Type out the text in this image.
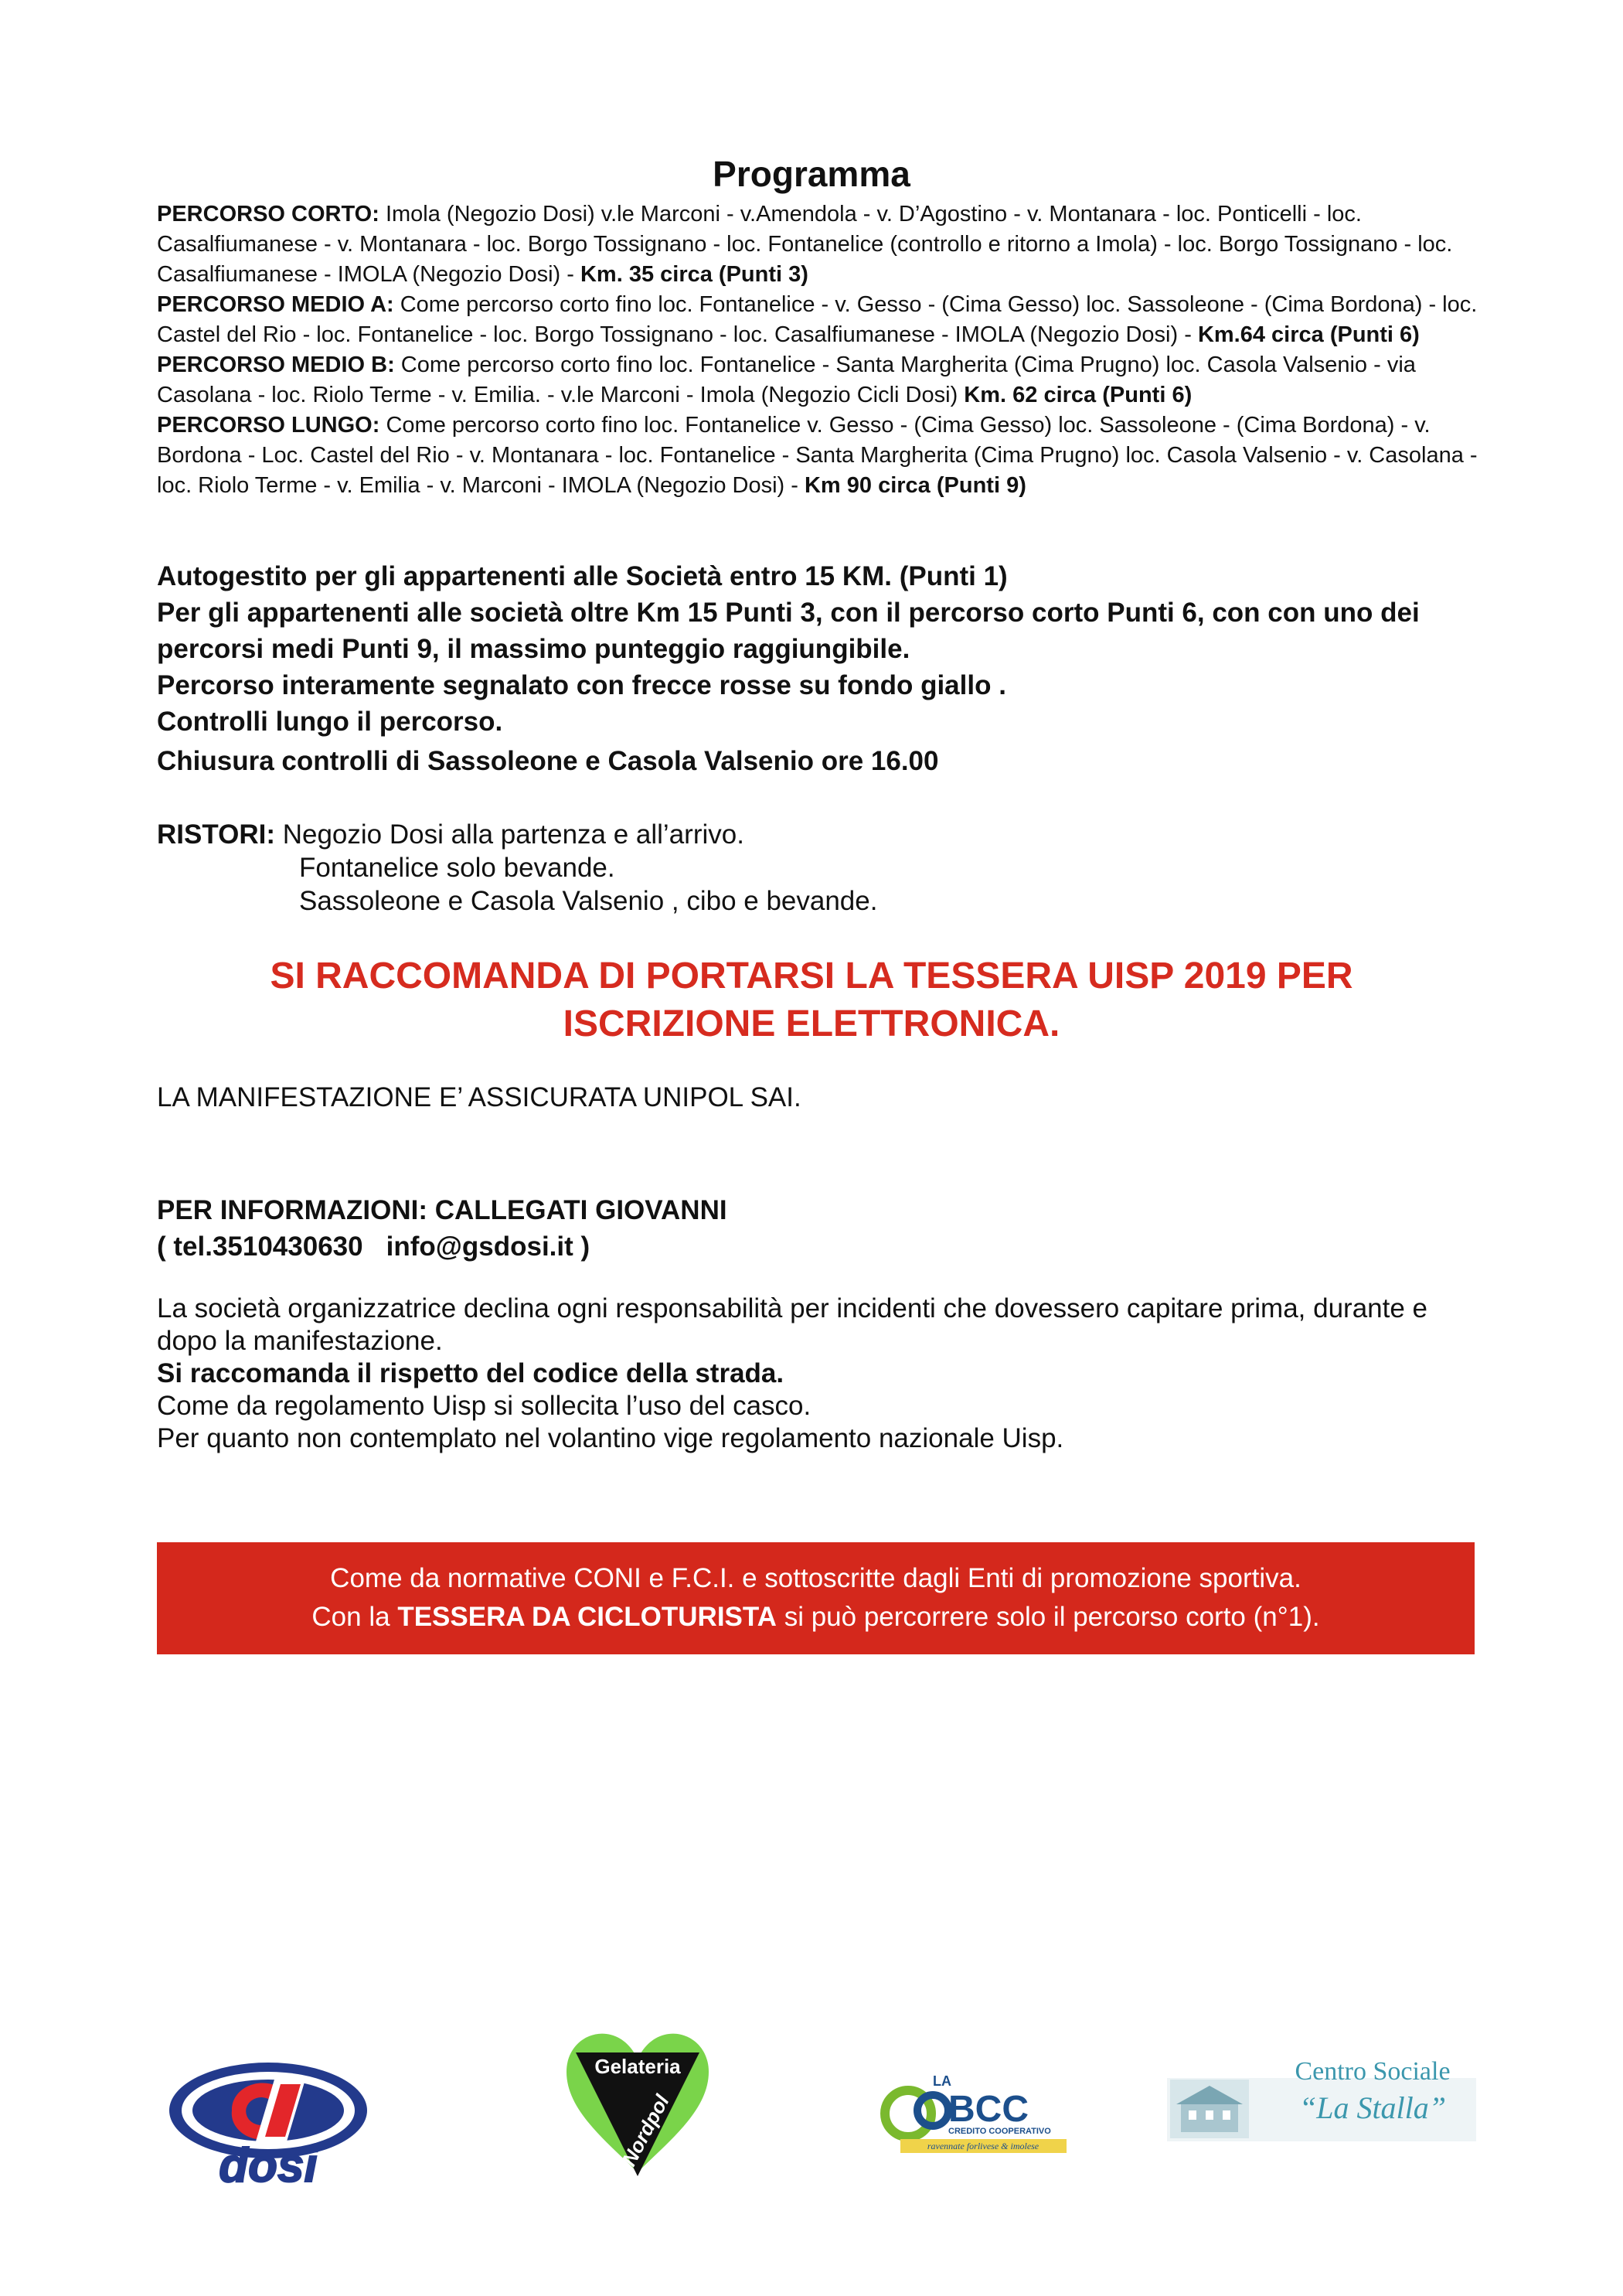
Programma

PERCORSO CORTO: Imola (Negozio Dosi) v.le Marconi - v.Amendola - v. D’Agostino - v. Montanara - loc. Ponticelli - loc. Casalfiumanese - v. Montanara - loc. Borgo Tossignano - loc. Fontanelice (controllo e ritorno a Imola) - loc. Borgo Tossignano - loc. Casalfiumanese - IMOLA (Negozio Dosi) - Km. 35 circa (Punti 3)

PERCORSO MEDIO A: Come percorso corto fino loc. Fontanelice - v. Gesso - (Cima Gesso) loc. Sassoleone - (Cima Bordona) - loc. Castel del Rio - loc. Fontanelice - loc. Borgo Tossignano - loc. Casalfiumanese - IMOLA (Negozio Dosi) - Km.64 circa (Punti 6)

PERCORSO MEDIO B: Come percorso corto fino loc. Fontanelice - Santa Margherita (Cima Prugno) loc. Casola Valsenio - via Casolana - loc. Riolo Terme - v. Emilia. - v.le Marconi - Imola (Negozio Cicli Dosi) Km. 62 circa (Punti 6)

PERCORSO LUNGO: Come percorso corto fino loc. Fontanelice v. Gesso - (Cima Gesso) loc. Sassoleone - (Cima Bordona) - v. Bordona - Loc. Castel del Rio - v. Montanara - loc. Fontanelice - Santa Margherita (Cima Prugno) loc. Casola Valsenio - v. Casolana - loc. Riolo Terme - v. Emilia - v. Marconi - IMOLA (Negozio Dosi) - Km 90 circa (Punti 9)

Autogestito per gli appartenenti alle Società entro 15 KM. (Punti 1)

Per gli appartenenti alle società oltre Km 15 Punti 3, con il percorso corto Punti 6, con con uno dei percorsi medi Punti 9, il massimo punteggio raggiungibile.

Percorso interamente segnalato con frecce rosse su fondo giallo .

Controlli lungo il percorso.

Chiusura controlli di Sassoleone e Casola Valsenio ore 16.00

RISTORI: Negozio Dosi alla partenza e all’arrivo.

Fontanelice solo bevande.

Sassoleone e Casola Valsenio , cibo e bevande.

SI RACCOMANDA DI PORTARSI LA TESSERA UISP 2019 PER

ISCRIZIONE ELETTRONICA.

LA MANIFESTAZIONE E’ ASSICURATA UNIPOL SAI.

PER INFORMAZIONI: CALLEGATI GIOVANNI

( tel.3510430630 info@gsdosi.it )

La società organizzatrice declina ogni responsabilità per incidenti che dovessero capitare prima, durante e dopo la manifestazione.

Si raccomanda il rispetto del codice della strada.

Come da regolamento Uisp si sollecita l’uso del casco.

Per quanto non contemplato nel volantino vige regolamento nazionale Uisp.

Come da normative CONI e F.C.I. e sottoscritte dagli Enti di promozione sportiva.

Con la TESSERA DA CICLOTURISTA si può percorrere solo il percorso corto (n°1).

dosi
Gelateria
Nordpol
LA
BCC
CREDITO COOPERATIVO
ravennate forlivese & imolese
Centro Sociale
“La Stalla”
